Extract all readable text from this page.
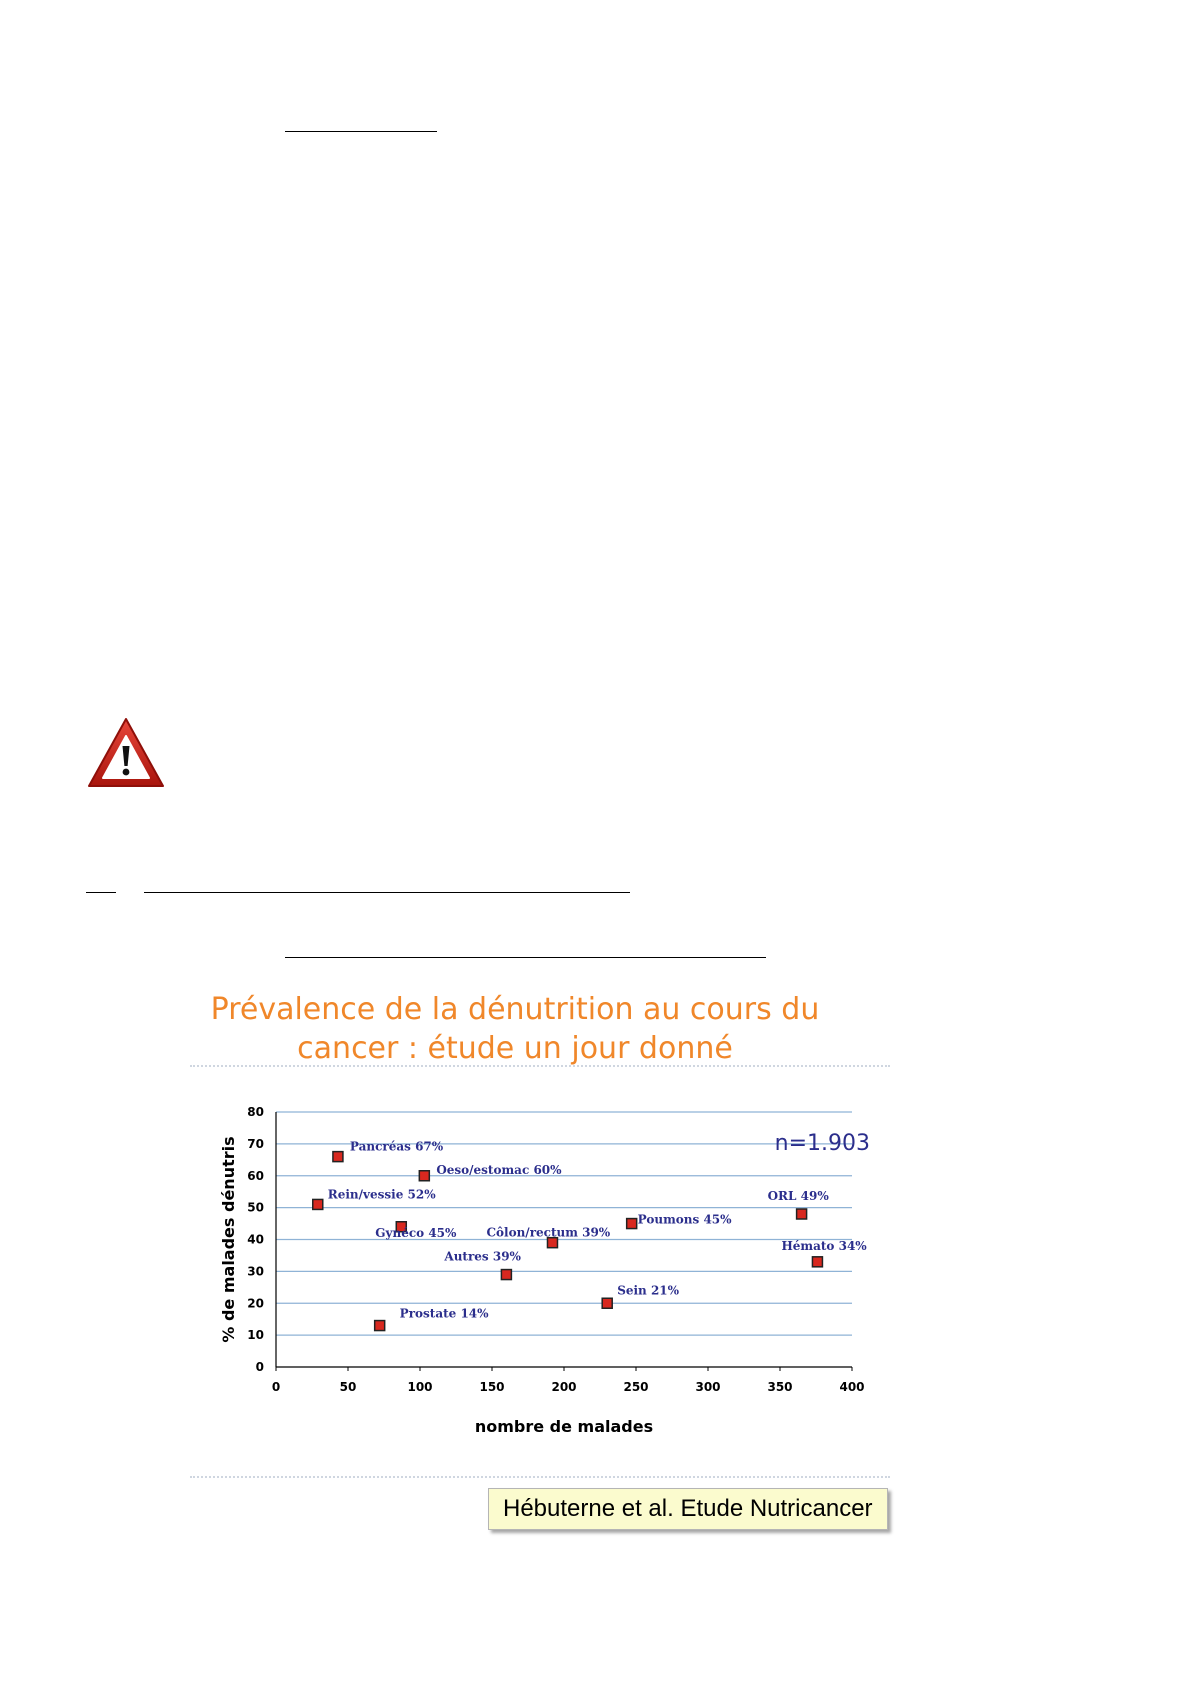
Prévalence de la dénutrition au cours du
cancer : étude un jour donné
0
10
20
30
40
50
60
70
80
0	50	100	150	200	250	300	350	400
nombre de malades
% de malades dénutris	n=1.903
Pancréas 67%
Oeso/estomac 60%
Rein/vessie 52%
Gynéco 45%	Côlon/rectum 39%
Poumons 45%
ORL 49%
Hémato 34%
Autres 39%
Sein 21%
Prostate 14%
Hébuterne et al. Etude Nutricancer
